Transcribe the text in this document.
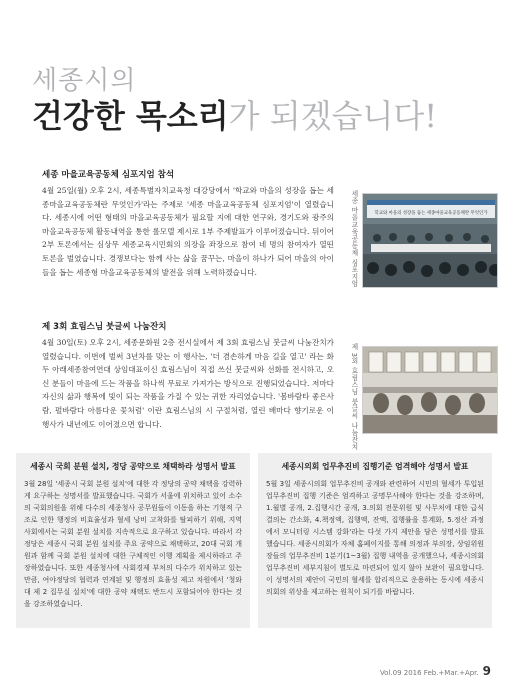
세종시의
건강한 목소리가 되겠습니다!
세종 마을교육공동체 심포지엄 참석
4월 25일(월) 오후 2시, 세종특별자치교육청 대강당에서 '학교와 마을의 성장을 돕는 세종마을교육공동체란 무엇인가'라는 주제로 '세종 마을교육공동체 심포지엄'이 열렸습니다. 세종시에 어떤 형태의 마을교육공동체가 필요할 지에 대한 연구와, 경기도와 광주의 마을교육공동체 활동내역을 통한 롤모델 제시로 1부 주제발표가 이루어졌습니다. 뒤이어 2부 토론에서는 심상무 세종교육시민회의 의장을 좌장으로 참여 네 명의 참여자가 열띤 토론을 벌였습니다. 경쟁보다는 함께 사는 삶을 꿈꾸는, 마을이 하나가 되어 마을의 아이들을 돕는 세종형 마을교육공동체의 발전을 위해 노력하겠습니다.	세종 마을교육공동체 심포지엄	학교와 마을의 성장을 돕는 세종마을교육공동체란 무엇인가
제 3회 효림스님 붓글씨 나눔잔치
4월 30일(토) 오후 2시, 세종문화원 2층 전시실에서 제 3회 효림스님 붓글씨 나눔잔치가 열렸습니다. 이번에 벌써 3년차를 맞는 이 행사는, '더 겸손하게 마음 길을 열고' 라는 화두 아래세종참여연대 상임대표이신 효림스님이 직접 쓰신 붓글씨와 선화를 전시하고, 오신 분들이 마음에 드는 작품을 하나씩 무료로 가져가는 방식으로 진행되었습니다. 저마다 자신의 삶과 행복에 빛이 되는 작품을 가질 수 있는 귀한 자리였습니다. '봄바람타 좋은사람, 펄바람다 아름다운 꽃처럼' 이란 효림스님의 시 구절처럼, 열린 배마다 향기로운 이 행사가 내년에도 이어졌으면 합니다.	제 3회 효림스님 붓글씨 나눔잔치
세종시 국회 분원 설치, 정당 공약으로 채택하라 성명서 발표
3월 28일 '세종시 국회 분원 설치'에 대한 각 정당의 공약 채택을 강력하게 요구하는 성명서를 발표했습니다. 국회가 서울에 위치하고 있어 소수의 국회의원을 위해 다수의 세종청사 공무원들이 이동을 하는 기형적 구조로 인한 행정의 비효율성과 혈세 낭비 고착화를 탈피하기 위해, 지역사회에서는 국회 분원 설치를 지속적으로 요구하고 있습니다. 따라서 각 정당은 세종시 국회 분원 설치를 주요 공약으로 채택하고, 20대 국회 개원과 함께 국회 분원 설치에 대한 구체적인 이행 계획을 제시하라고 주장하였습니다. 또한 세종청사에 사회경제 부처의 다수가 위치하고 있는 만큼, 여야정당의 협력과 연계된 및 행정의 효율성 제고 차원에서 '청와대 제 2 집무실 설치'에 대한 공약 채택도 반드시 포함되어야 한다는 것을 강조하였습니다.
세종시의회 업무추진비 집행기준 엄격해야 성명서 발표
5월 3일 세종시의회 업무추진비 공개와 관련하여 시민의 혈세가 투입된 업무추진비 집행 기준은 엄격하고 공명무사해야 한다는 것을 강조하며, 1.월별 공개, 2.집행시간 공개, 3.의회 전문위원 및 사무처에 대한 급식결의는 간소화, 4.책정액, 집행액, 잔액, 집행률을 통계화, 5.정산 과정에서 모니터링 시스템 강화'라는 다섯 가지 제안을 담은 성명서를 발표했습니다. 세종시의회가 자체 홈페이지를 통해 의정과 부의장, 상임위원장들의 업무추진비 1분기(1~3월) 집행 내역을 공개했으나, 세종시의회 업무추진비 세부지침이 별도로 마련되어 있지 않아 보완이 필요합니다. 이 성명서의 제안이 국민의 혈세를 합리적으로 운용하는 동시에 세종시의회의 위상을 제고하는 원칙이 되기를 바랍니다.
Vol.09 2016 Feb.+Mar.+Apr. 9
